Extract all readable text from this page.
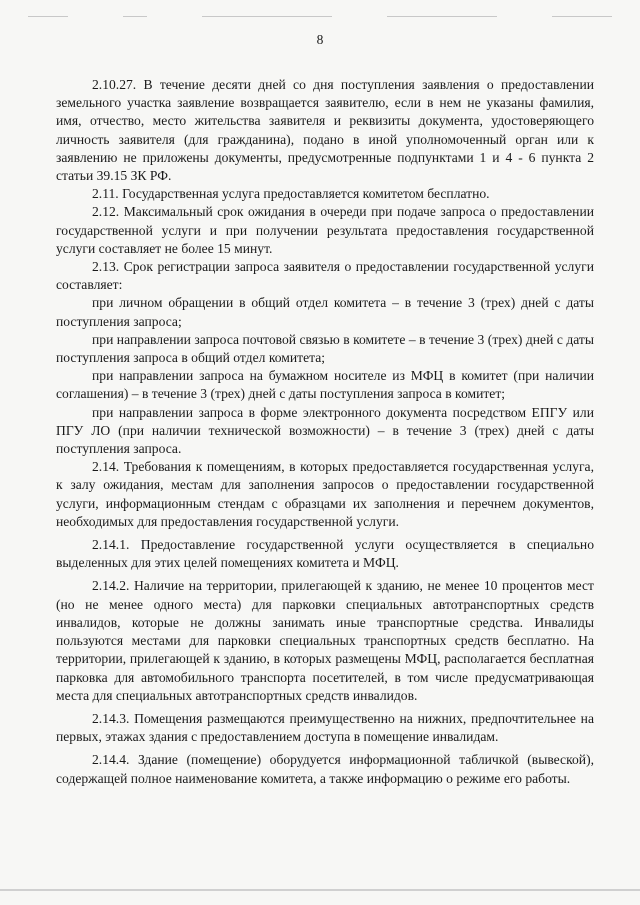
8

2.10.27. В течение десяти дней со дня поступления заявления о предоставлении земельного участка заявление возвращается заявителю, если в нем не указаны фамилия, имя, отчество, место жительства заявителя и реквизиты документа, удостоверяющего личность заявителя (для гражданина), подано в иной уполномоченный орган или к заявлению не приложены документы, предусмотренные подпунктами 1 и 4 - 6 пункта 2 статьи 39.15 ЗК РФ.

2.11. Государственная услуга предоставляется комитетом бесплатно.

2.12. Максимальный срок ожидания в очереди при подаче запроса о предоставлении государственной услуги и при получении результата предоставления государственной услуги составляет не более 15 минут.

2.13. Срок регистрации запроса заявителя о предоставлении государственной услуги составляет:

при личном обращении в общий отдел комитета – в течение 3 (трех) дней с даты поступления запроса;

при направлении запроса почтовой связью в комитете – в течение 3 (трех) дней с даты поступления запроса в общий отдел комитета;

при направлении запроса на бумажном носителе из МФЦ в комитет (при наличии соглашения) – в течение 3 (трех) дней с даты поступления запроса в комитет;

при направлении запроса в форме электронного документа посредством ЕПГУ или ПГУ ЛО (при наличии технической возможности) – в течение 3 (трех) дней с даты поступления запроса.

2.14. Требования к помещениям, в которых предоставляется государственная услуга, к залу ожидания, местам для заполнения запросов о предоставлении государственной услуги, информационным стендам с образцами их заполнения и перечнем документов, необходимых для предоставления государственной услуги.

2.14.1. Предоставление государственной услуги осуществляется в специально выделенных для этих целей помещениях комитета и МФЦ.

2.14.2. Наличие на территории, прилегающей к зданию, не менее 10 процентов мест (но не менее одного места) для парковки специальных автотранспортных средств инвалидов, которые не должны занимать иные транспортные средства. Инвалиды пользуются местами для парковки специальных транспортных средств бесплатно. На территории, прилегающей к зданию, в которых размещены МФЦ, располагается бесплатная парковка для автомобильного транспорта посетителей, в том числе предусматривающая места для специальных автотранспортных средств инвалидов.

2.14.3. Помещения размещаются преимущественно на нижних, предпочтительнее на первых, этажах здания с предоставлением доступа в помещение инвалидам.

2.14.4. Здание (помещение) оборудуется информационной табличкой (вывеской), содержащей полное наименование комитета, а также информацию о режиме его работы.
